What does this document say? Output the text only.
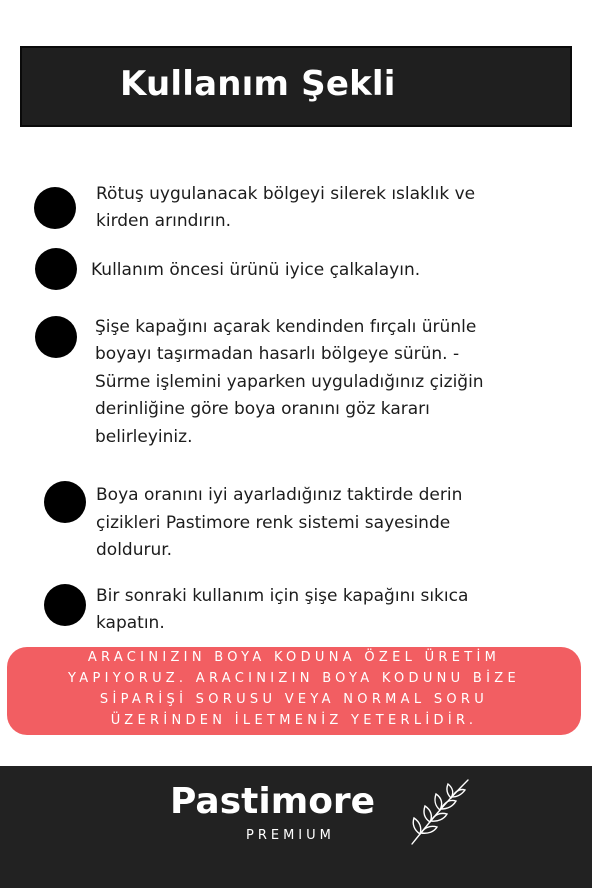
Kullanım Şekli
Rötuş uygulanacak bölgeyi silerek ıslaklık ve
kirden arındırın.
Kullanım öncesi ürünü iyice çalkalayın.
Şişe kapağını açarak kendinden fırçalı ürünle
boyayı taşırmadan hasarlı bölgeye sürün. -
Sürme işlemini yaparken uyguladığınız çiziğin
derinliğine göre boya oranını göz kararı
belirleyiniz.
Boya oranını iyi ayarladığınız taktirde derin
çizikleri Pastimore renk sistemi sayesinde
doldurur.
Bir sonraki kullanım için şişe kapağını sıkıca
kapatın.
ARACINIZIN BOYA KODUNA ÖZEL ÜRETİM
YAPIYORUZ. ARACINIZIN BOYA KODUNU BİZE
SİPARİŞİ SORUSU VEYA NORMAL SORU
ÜZERİNDEN İLETMENİZ YETERLİDİR.
Pastimore
PREMIUM
